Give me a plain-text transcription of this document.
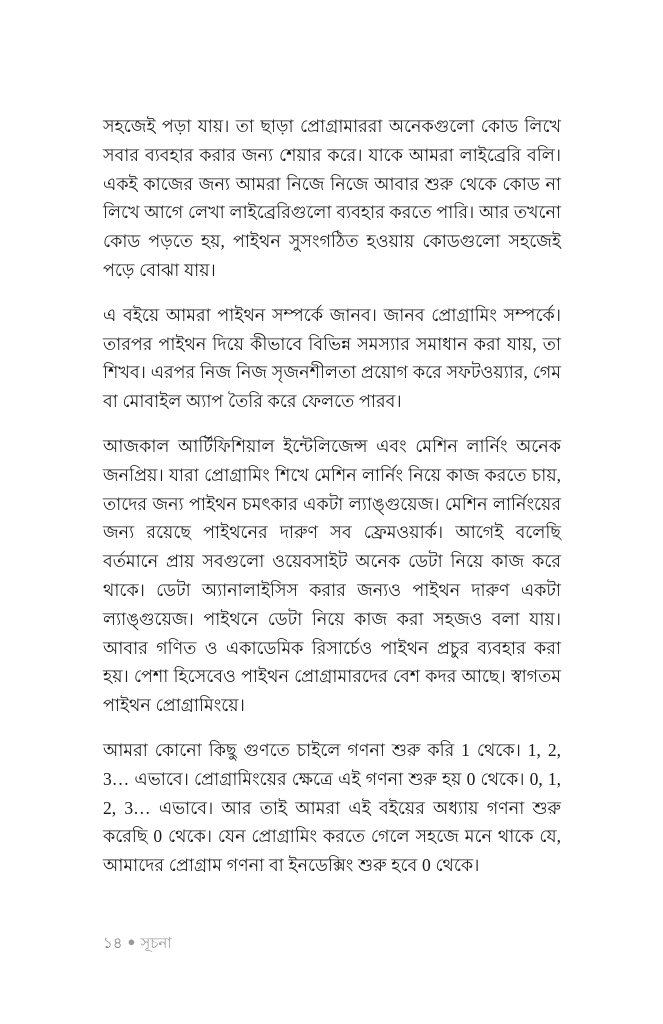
সহজেই পড়া যায়। তা ছাড়া প্রোগ্রামাররা অনেকগুলো কোড লিখে সবার ব্যবহার করার জন্য শেয়ার করে। যাকে আমরা লাইব্রেরি বলি। একই কাজের জন্য আমরা নিজে নিজে আবার শুরু থেকে কোড না লিখে আগে লেখা লাইব্রেরিগুলো ব্যবহার করতে পারি। আর তখনো কোড পড়তে হয়, পাইথন সুসংগঠিত হওয়ায় কোডগুলো সহজেই পড়ে বোঝা যায়।

এ বইয়ে আমরা পাইথন সম্পর্কে জানব। জানব প্রোগ্রামিং সম্পর্কে। তারপর পাইথন দিয়ে কীভাবে বিভিন্ন সমস্যার সমাধান করা যায়, তা শিখব। এরপর নিজ নিজ সৃজনশীলতা প্রয়োগ করে সফটওয়্যার, গেম বা মোবাইল অ্যাপ তৈরি করে ফেলতে পারব।

আজকাল আর্টিফিশিয়াল ইন্টেলিজেন্স এবং মেশিন লার্নিং অনেক জনপ্রিয়। যারা প্রোগ্রামিং শিখে মেশিন লার্নিং নিয়ে কাজ করতে চায়, তাদের জন্য পাইথন চমৎকার একটা ল্যাঙ্গুয়েজ। মেশিন লার্নিংয়ের জন্য রয়েছে পাইথনের দারুণ সব ফ্রেমওয়ার্ক। আগেই বলেছি বর্তমানে প্রায় সবগুলো ওয়েবসাইট অনেক ডেটা নিয়ে কাজ করে থাকে। ডেটা অ্যানালাইসিস করার জন্যও পাইথন দারুণ একটা ল্যাঙ্গুয়েজ। পাইথনে ডেটা নিয়ে কাজ করা সহজও বলা যায়। আবার গণিত ও একাডেমিক রিসার্চেও পাইথন প্রচুর ব্যবহার করা হয়। পেশা হিসেবেও পাইথন প্রোগ্রামারদের বেশ কদর আছে। স্বাগতম পাইথন প্রোগ্রামিংয়ে।

আমরা কোনো কিছু গুণতে চাইলে গণনা শুরু করি 1 থেকে। 1, 2, 3… এভাবে। প্রোগ্রামিংয়ের ক্ষেত্রে এই গণনা শুরু হয় 0 থেকে। 0, 1, 2, 3… এভাবে। আর তাই আমরা এই বইয়ের অধ্যায় গণনা শুরু করেছি 0 থেকে। যেন প্রোগ্রামিং করতে গেলে সহজে মনে থাকে যে, আমাদের প্রোগ্রাম গণনা বা ইনডেক্সিং শুরু হবে 0 থেকে।

১৪ ● সূচনা
